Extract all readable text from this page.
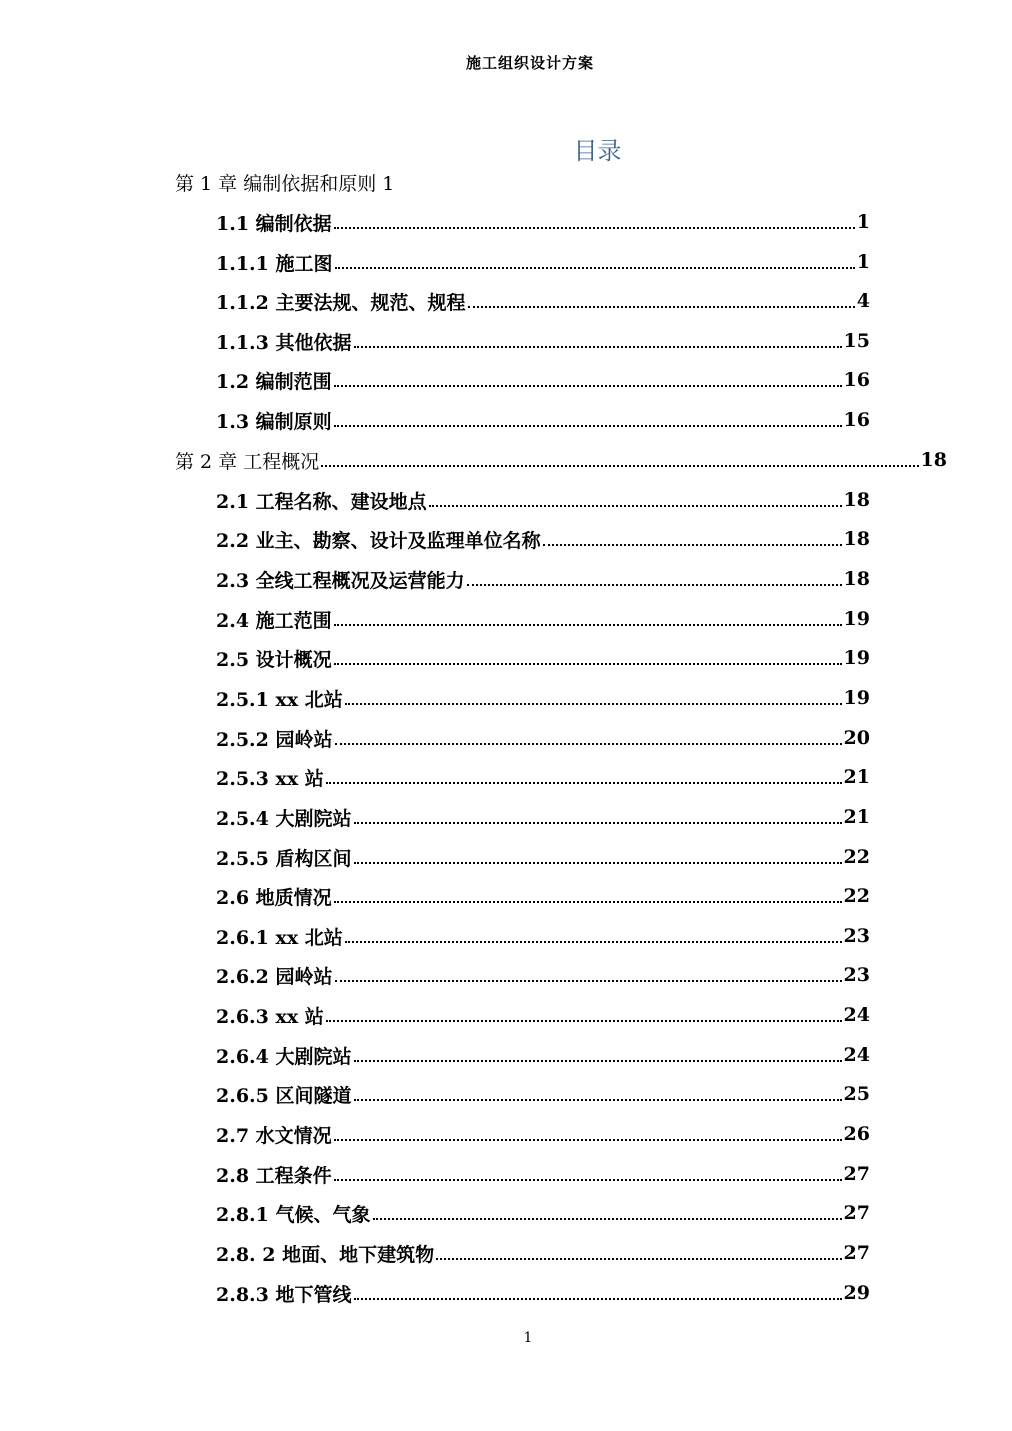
施工组织设计方案
目录
第 1 章 编制依据和原则 1
1.1 编制依据	1
1.1.1 施工图	1
1.1.2 主要法规、规范、规程	4
1.1.3 其他依据	15
1.2 编制范围	16
1.3 编制原则	16
第 2 章 工程概况	18
2.1 工程名称、建设地点	18
2.2 业主、勘察、设计及监理单位名称	18
2.3 全线工程概况及运营能力	18
2.4 施工范围	19
2.5 设计概况	19
2.5.1 xx 北站	19
2.5.2 园岭站	20
2.5.3 xx 站	21
2.5.4 大剧院站	21
2.5.5 盾构区间	22
2.6 地质情况	22
2.6.1 xx 北站	23
2.6.2 园岭站	23
2.6.3 xx 站	24
2.6.4 大剧院站	24
2.6.5 区间隧道	25
2.7 水文情况	26
2.8 工程条件	27
2.8.1 气候、气象	27
2.8. 2 地面、地下建筑物	27
2.8.3 地下管线	29
1
